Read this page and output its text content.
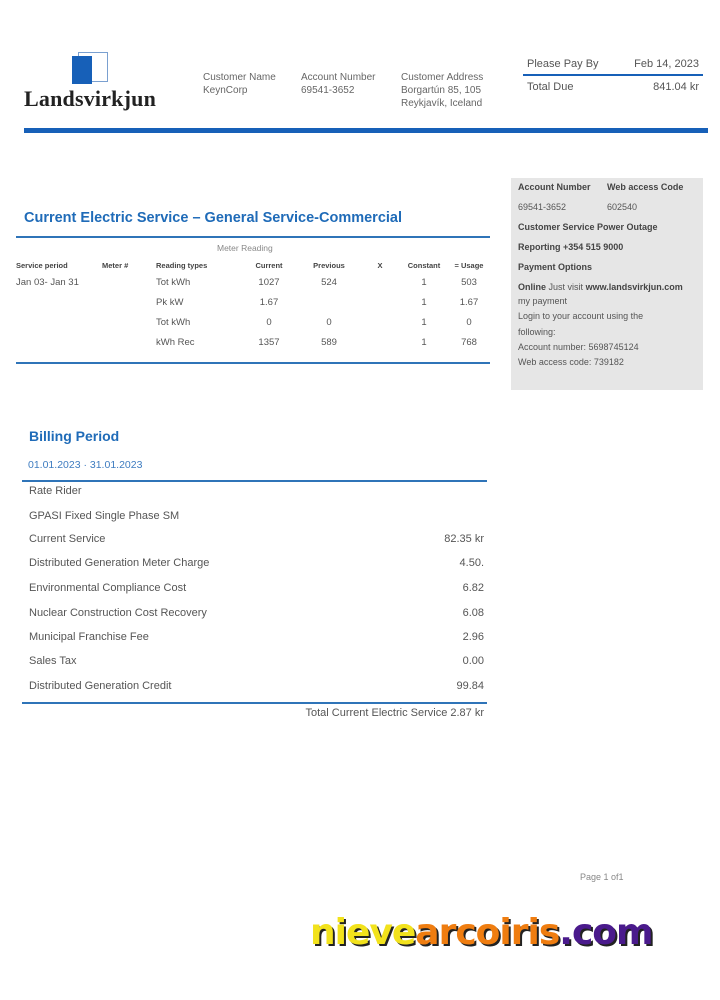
Landsvirkjun
Customer Name
KeynCorp
Account Number
69541-3652
Customer Address
Borgartún 85, 105
Reykjavík, Iceland
Please Pay By	Feb 14, 2023
Total Due	841.04 kr
Current Electric Service – General Service-Commercial
Meter Reading
Service period	Meter #	Reading types	Current	Previous	X	Constant	= Usage
Jan 03- Jan 31		Tot kWh	1027	524		1	503
		Pk kW	1.67			1	1.67
		Tot kWh	0	0		1	0
		kWh Rec	1357	589		1	768
Account Number Web access Code
69541-3652	602540
Customer Service Power Outage
Reporting +354 515 9000
Payment Options
Online Just visit www.landsvirkjun.com
my payment
Login to your account using the
following:
Account number: 5698745124
Web access code: 739182
Billing Period
01.01.2023 · 31.01.2023
Rate Rider
GPASI Fixed Single Phase SM
Current Service	82.35 kr
Distributed Generation Meter Charge	4.50.
Environmental Compliance Cost	6.82
Nuclear Construction Cost Recovery	6.08
Municipal Franchise Fee	2.96
Sales Tax	0.00
Distributed Generation Credit	99.84
Total Current Electric Service 2.87 kr
Page 1 of1
nievearcoiris.com
